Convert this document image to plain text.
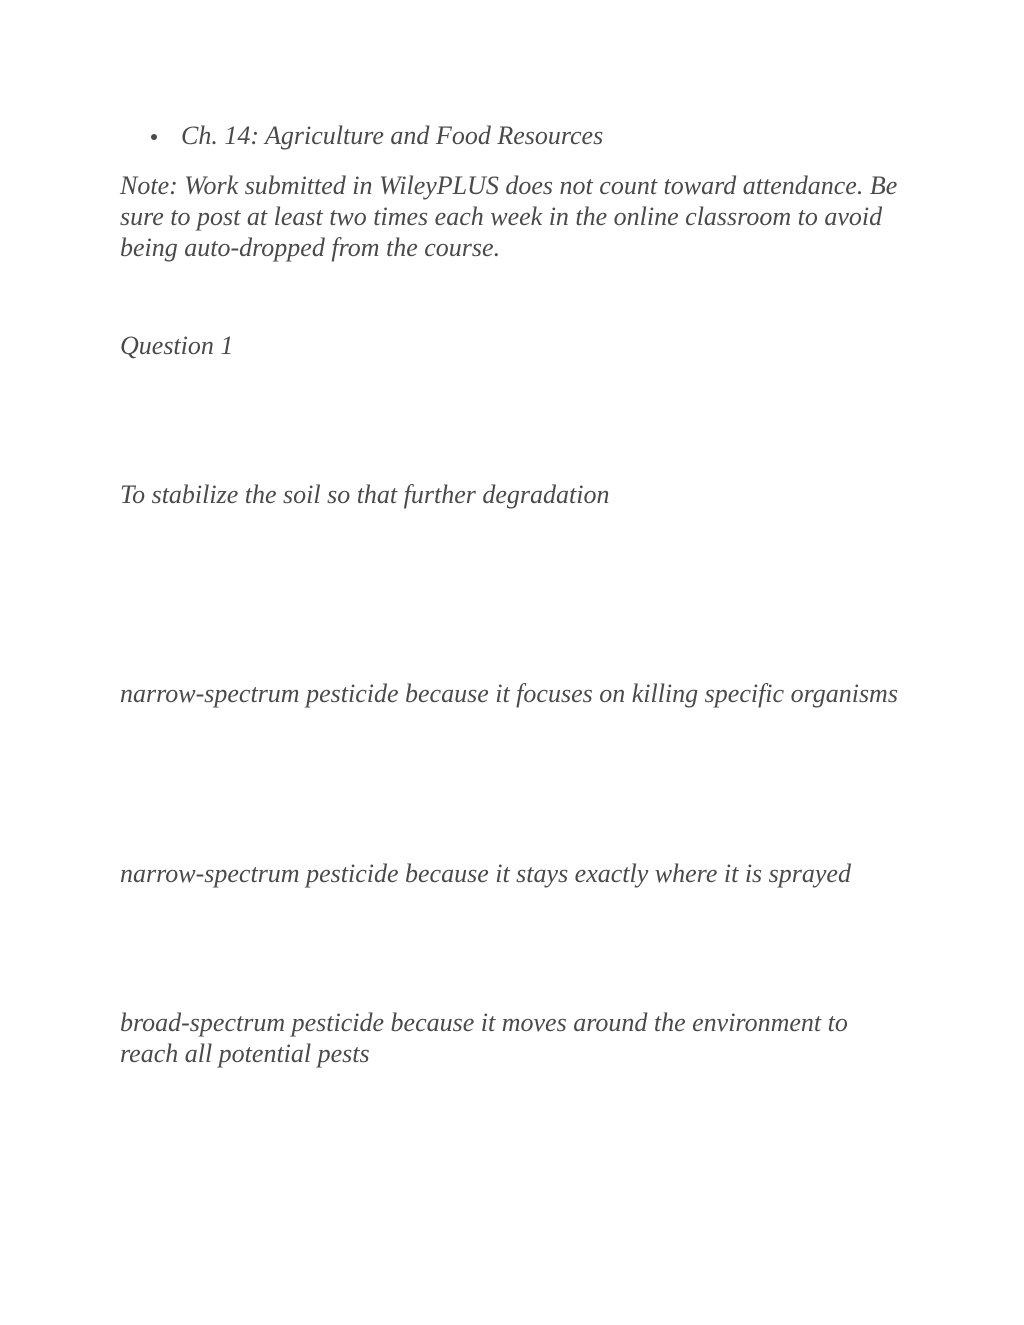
Ch. 14: Agriculture and Food Resources

Note: Work submitted in WileyPLUS does not count toward attendance. Be sure to post at least two times each week in the online classroom to avoid being auto-dropped from the course.

Question 1

To stabilize the soil so that further degradation

narrow-spectrum pesticide because it focuses on killing specific organisms

narrow-spectrum pesticide because it stays exactly where it is sprayed

broad-spectrum pesticide because it moves around the environment to reach all potential pests
